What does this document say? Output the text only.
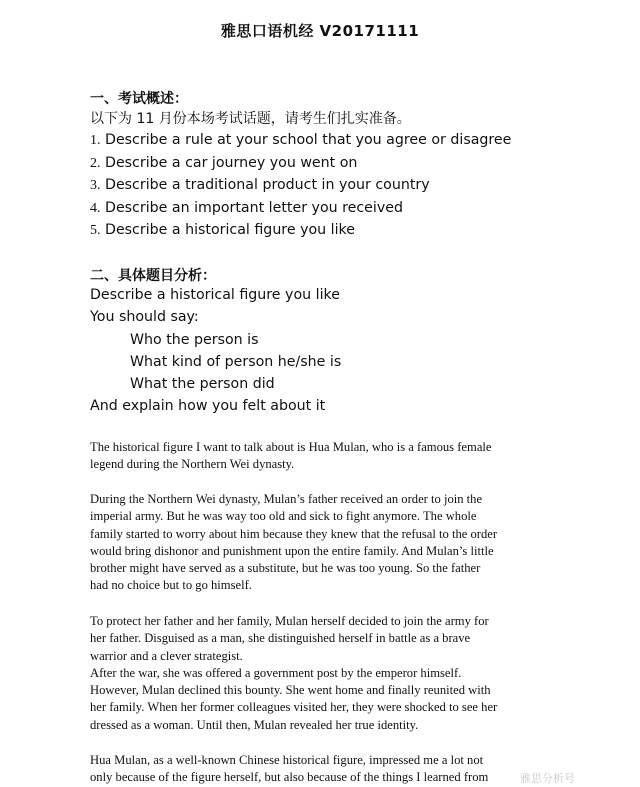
雅思口语机经 V20171111
一、考试概述：
以下为 11 月份本场考试话题，请考生们扎实准备。
1. Describe a rule at your school that you agree or disagree
2. Describe a car journey you went on
3. Describe a traditional product in your country
4. Describe an important letter you received
5. Describe a historical figure you like
二、具体题目分析：
Describe a historical figure you like
You should say:
Who the person is
What kind of person he/she is
What the person did
And explain how you felt about it
The historical figure I want to talk about is Hua Mulan, who is a famous female
legend during the Northern Wei dynasty.
During the Northern Wei dynasty, Mulan’s father received an order to join the
imperial army. But he was way too old and sick to fight anymore. The whole
family started to worry about him because they knew that the refusal to the order
would bring dishonor and punishment upon the entire family. And Mulan’s little
brother might have served as a substitute, but he was too young. So the father
had no choice but to go himself.
To protect her father and her family, Mulan herself decided to join the army for
her father. Disguised as a man, she distinguished herself in battle as a brave
warrior and a clever strategist.
After the war, she was offered a government post by the emperor himself.
However, Mulan declined this bounty. She went home and finally reunited with
her family. When her former colleagues visited her, they were shocked to see her
dressed as a woman. Until then, Mulan revealed her true identity.
Hua Mulan, as a well-known Chinese historical figure, impressed me a lot not
only because of the figure herself, but also because of the things I learned from	雅思分析号
